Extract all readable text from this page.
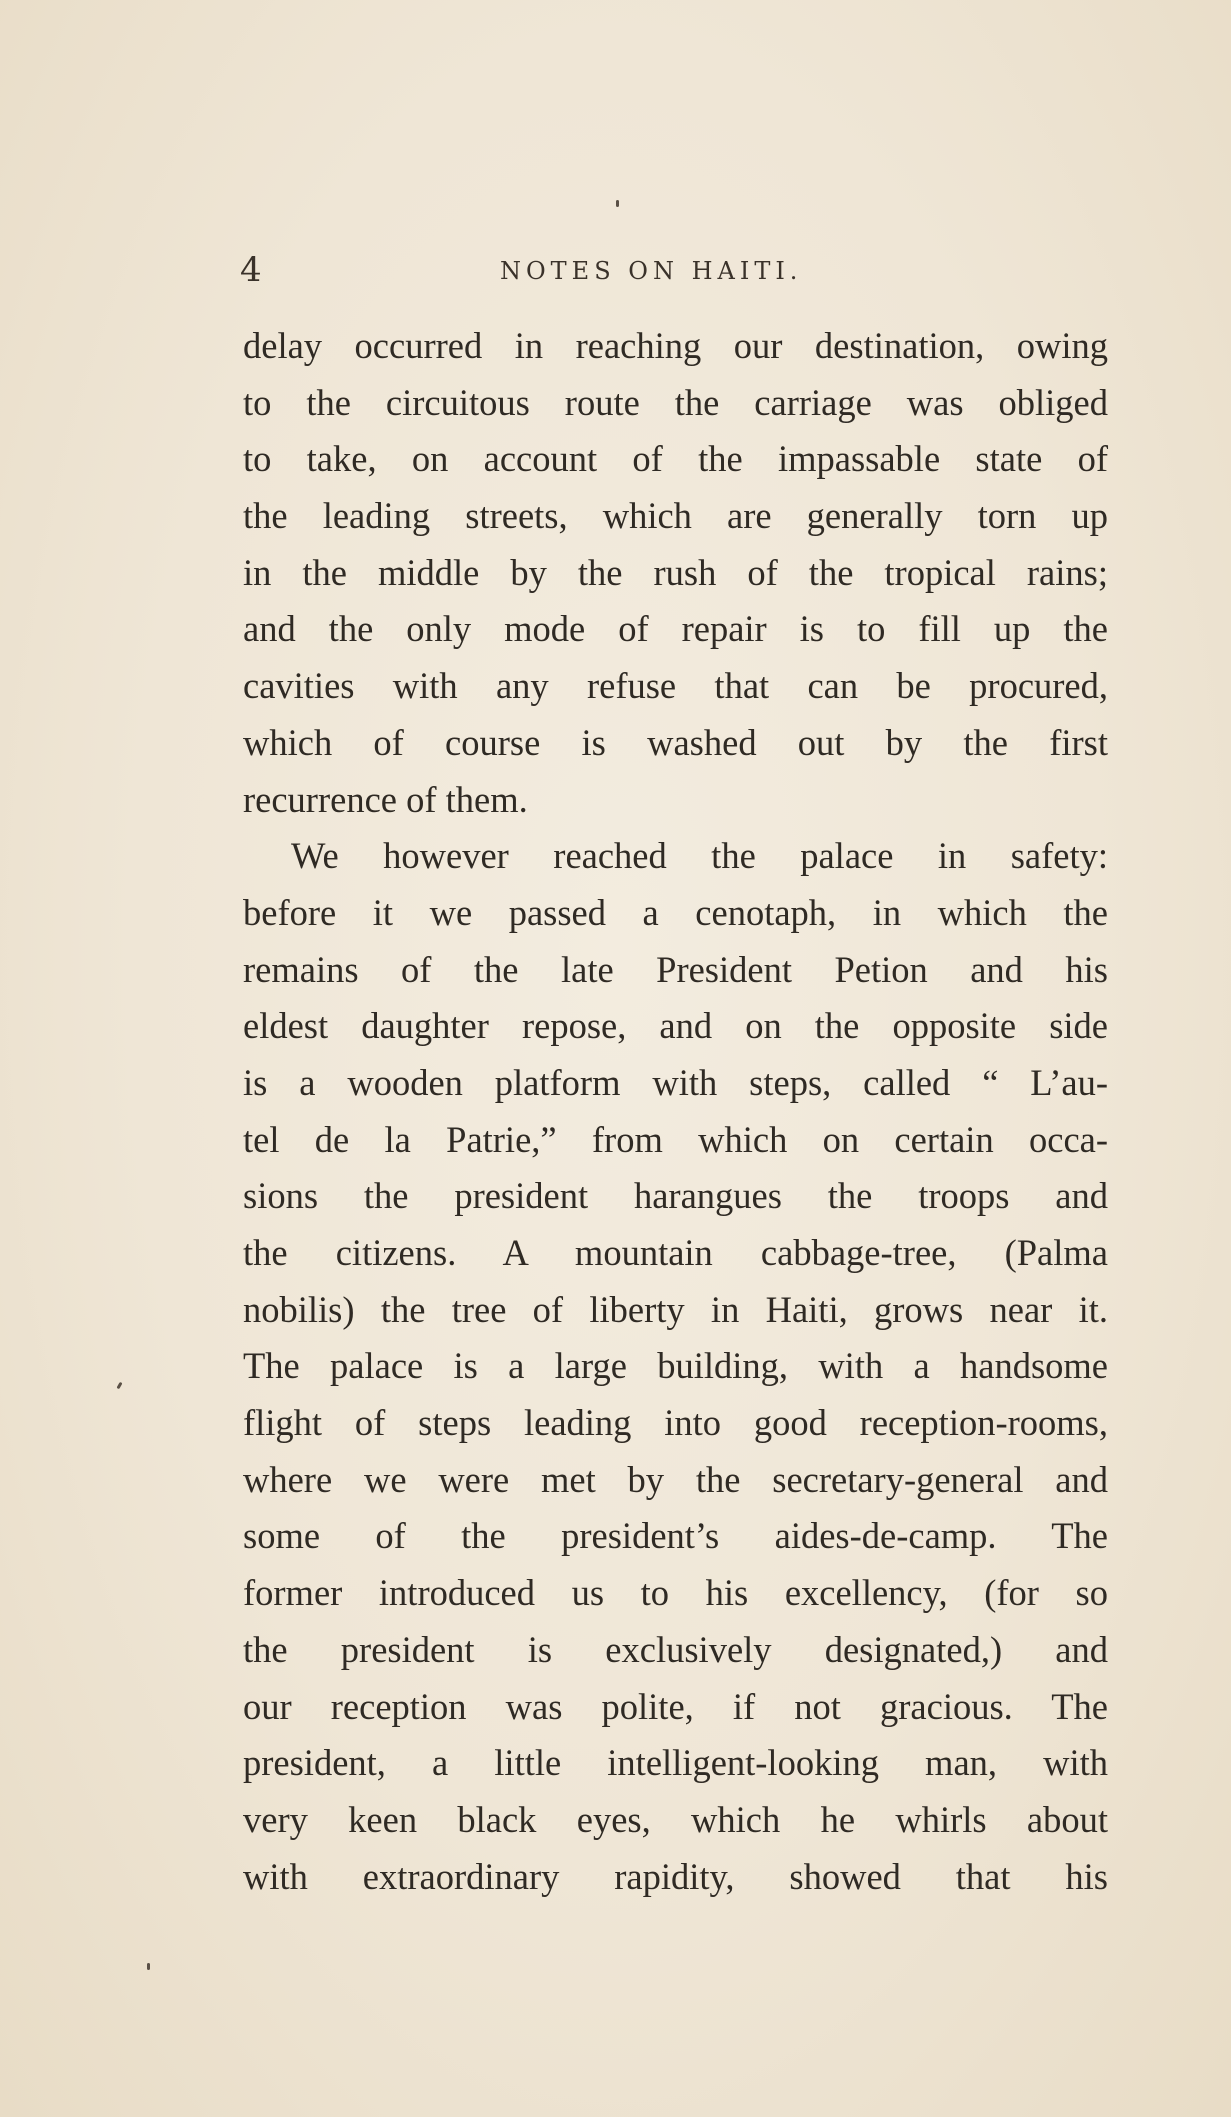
4	NOTES ON HAITI.
delay occurred in reaching our destination, owing
to the circuitous route the carriage was obliged
to take, on account of the impassable state of
the leading streets, which are generally torn up
in the middle by the rush of the tropical rains;
and the only mode of repair is to fill up the
cavities with any refuse that can be procured,
which of course is washed out by the first
recurrence of them.
We however reached the palace in safety:
before it we passed a cenotaph, in which the
remains of the late President Petion and his
eldest daughter repose, and on the opposite side
is a wooden platform with steps, called “ L’au-
tel de la Patrie,” from which on certain occa-
sions the president harangues the troops and
the citizens. A mountain cabbage-tree, (Palma
nobilis) the tree of liberty in Haiti, grows near it.
The palace is a large building, with a handsome
flight of steps leading into good reception-rooms,
where we were met by the secretary-general and
some of the president’s aides-de-camp. The
former introduced us to his excellency, (for so
the president is exclusively designated,) and
our reception was polite, if not gracious. The
president, a little intelligent-looking man, with
very keen black eyes, which he whirls about
with extraordinary rapidity, showed that his
